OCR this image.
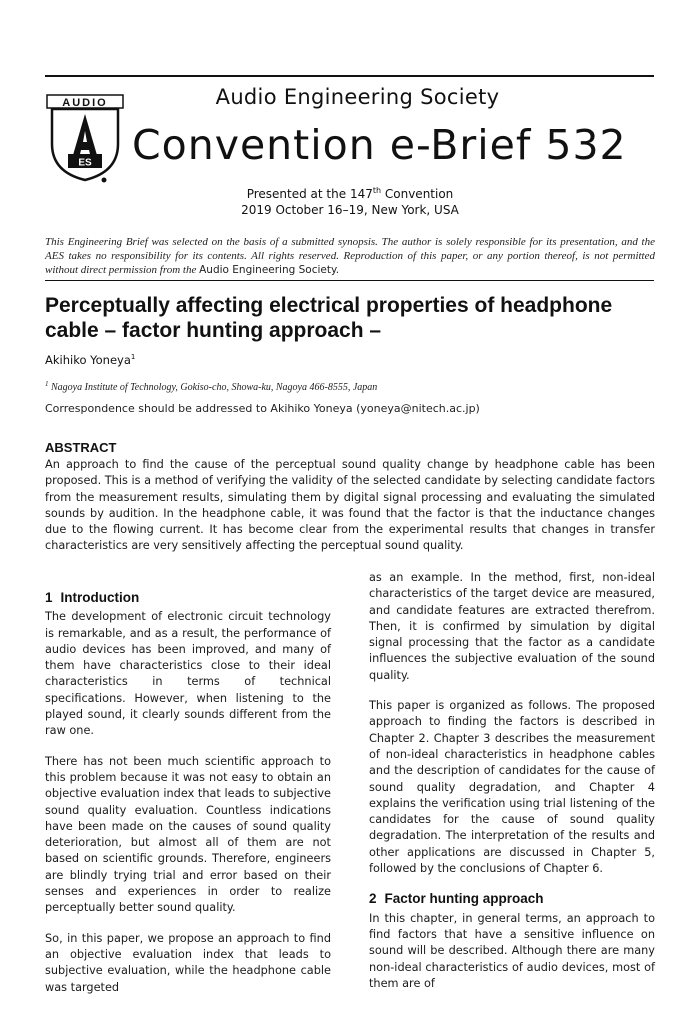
AUDIO
ES
Audio Engineering Society
Convention e-Brief 532
Presented at the 147th Convention
2019 October 16–19, New York, USA
This Engineering Brief was selected on the basis of a submitted synopsis. The author is solely responsible for its presentation, and the AES takes no responsibility for its contents. All rights reserved. Reproduction of this paper, or any portion thereof, is not permitted without direct permission from the Audio Engineering Society.
Perceptually affecting electrical properties of headphone cable – factor hunting approach –
Akihiko Yoneya$^1$
$^1$ Nagoya Institute of Technology, Gokiso-cho, Showa-ku, Nagoya 466-8555, Japan
Correspondence should be addressed to Akihiko Yoneya (yoneya@nitech.ac.jp)
ABSTRACT
An approach to find the cause of the perceptual sound quality change by headphone cable has been proposed. This is a method of verifying the validity of the selected candidate by selecting candidate factors from the measurement results, simulating them by digital signal processing and evaluating the simulated sounds by audition. In the headphone cable, it was found that the factor is that the inductance changes due to the flowing current. It has become clear from the experimental results that changes in transfer characteristics are very sensitively affecting the perceptual sound quality.
1 Introduction

The development of electronic circuit technology is remarkable, and as a result, the performance of audio devices has been improved, and many of them have characteristics close to their ideal characteristics in terms of technical specifications. However, when listening to the played sound, it clearly sounds different from the raw one.

There has not been much scientific approach to this problem because it was not easy to obtain an objective evaluation index that leads to subjective sound quality evaluation. Countless indications have been made on the causes of sound quality deterioration, but almost all of them are not based on scientific grounds. Therefore, engineers are blindly trying trial and error based on their senses and experiences in order to realize perceptually better sound quality.

So, in this paper, we propose an approach to find an objective evaluation index that leads to subjective evaluation, while the headphone cable was targeted

as an example. In the method, first, non-ideal characteristics of the target device are measured, and candidate features are extracted therefrom. Then, it is confirmed by simulation by digital signal processing that the factor as a candidate influences the subjective evaluation of the sound quality.

This paper is organized as follows. The proposed approach to finding the factors is described in Chapter 2. Chapter 3 describes the measurement of non-ideal characteristics in headphone cables and the description of candidates for the cause of sound quality degradation, and Chapter 4 explains the verification using trial listening of the candidates for the cause of sound quality degradation. The interpretation of the results and other applications are discussed in Chapter 5, followed by the conclusions of Chapter 6.

2 Factor hunting approach

In this chapter, in general terms, an approach to find factors that have a sensitive influence on sound will be described. Although there are many non-ideal characteristics of audio devices, most of them are of
